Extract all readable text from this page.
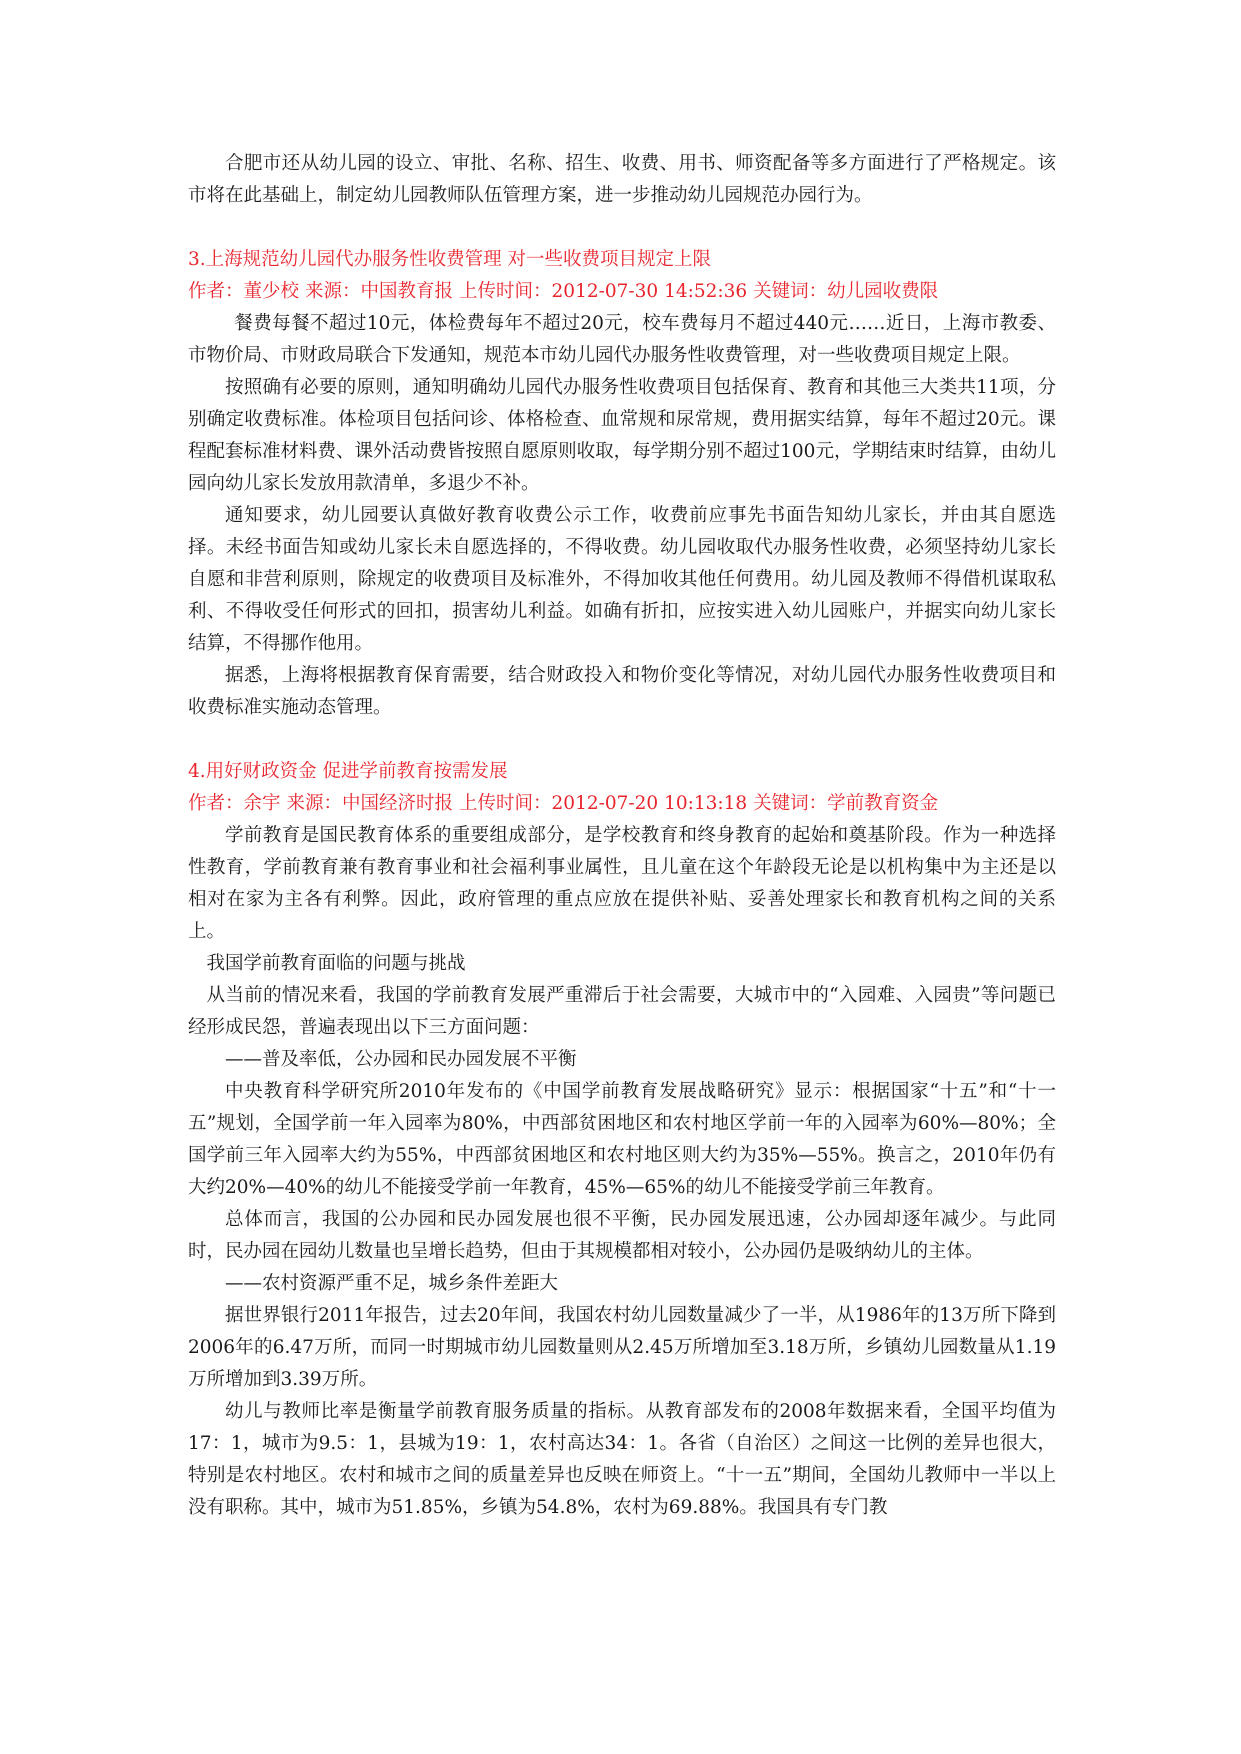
合肥市还从幼儿园的设立、审批、名称、招生、收费、用书、师资配备等多方面进行了严格规定。该市将在此基础上，制定幼儿园教师队伍管理方案，进一步推动幼儿园规范办园行为。

3.上海规范幼儿园代办服务性收费管理 对一些收费项目规定上限

作者：董少校 来源：中国教育报 上传时间：2012-07-30 14:52:36 关键词：幼儿园收费限

餐费每餐不超过10元，体检费每年不超过20元，校车费每月不超过440元……近日，上海市教委、市物价局、市财政局联合下发通知，规范本市幼儿园代办服务性收费管理，对一些收费项目规定上限。

按照确有必要的原则，通知明确幼儿园代办服务性收费项目包括保育、教育和其他三大类共11项，分别确定收费标准。体检项目包括问诊、体格检查、血常规和尿常规，费用据实结算，每年不超过20元。课程配套标准材料费、课外活动费皆按照自愿原则收取，每学期分别不超过100元，学期结束时结算，由幼儿园向幼儿家长发放用款清单，多退少不补。

通知要求，幼儿园要认真做好教育收费公示工作，收费前应事先书面告知幼儿家长，并由其自愿选择。未经书面告知或幼儿家长未自愿选择的，不得收费。幼儿园收取代办服务性收费，必须坚持幼儿家长自愿和非营利原则，除规定的收费项目及标准外，不得加收其他任何费用。幼儿园及教师不得借机谋取私利、不得收受任何形式的回扣，损害幼儿利益。如确有折扣，应按实进入幼儿园账户，并据实向幼儿家长结算，不得挪作他用。

据悉，上海将根据教育保育需要，结合财政投入和物价变化等情况，对幼儿园代办服务性收费项目和收费标准实施动态管理。

4.用好财政资金 促进学前教育按需发展

作者：余宇 来源：中国经济时报 上传时间：2012-07-20 10:13:18 关键词：学前教育资金

学前教育是国民教育体系的重要组成部分，是学校教育和终身教育的起始和奠基阶段。作为一种选择性教育，学前教育兼有教育事业和社会福利事业属性，且儿童在这个年龄段无论是以机构集中为主还是以相对在家为主各有利弊。因此，政府管理的重点应放在提供补贴、妥善处理家长和教育机构之间的关系上。

我国学前教育面临的问题与挑战

从当前的情况来看，我国的学前教育发展严重滞后于社会需要，大城市中的“入园难、入园贵”等问题已经形成民怨，普遍表现出以下三方面问题：

——普及率低，公办园和民办园发展不平衡

中央教育科学研究所2010年发布的《中国学前教育发展战略研究》显示：根据国家“十五”和“十一五”规划，全国学前一年入园率为80%，中西部贫困地区和农村地区学前一年的入园率为60%—80%；全国学前三年入园率大约为55%，中西部贫困地区和农村地区则大约为35%—55%。换言之，2010年仍有大约20%—40%的幼儿不能接受学前一年教育，45%—65%的幼儿不能接受学前三年教育。

总体而言，我国的公办园和民办园发展也很不平衡，民办园发展迅速，公办园却逐年减少。与此同时，民办园在园幼儿数量也呈增长趋势，但由于其规模都相对较小，公办园仍是吸纳幼儿的主体。

——农村资源严重不足，城乡条件差距大

据世界银行2011年报告，过去20年间，我国农村幼儿园数量减少了一半，从1986年的13万所下降到2006年的6.47万所，而同一时期城市幼儿园数量则从2.45万所增加至3.18万所，乡镇幼儿园数量从1.19万所增加到3.39万所。

幼儿与教师比率是衡量学前教育服务质量的指标。从教育部发布的2008年数据来看，全国平均值为17：1，城市为9.5：1，县城为19：1，农村高达34：1。各省（自治区）之间这一比例的差异也很大，特别是农村地区。农村和城市之间的质量差异也反映在师资上。“十一五”期间，全国幼儿教师中一半以上没有职称。其中，城市为51.85%，乡镇为54.8%，农村为69.88%。我国具有专门教
